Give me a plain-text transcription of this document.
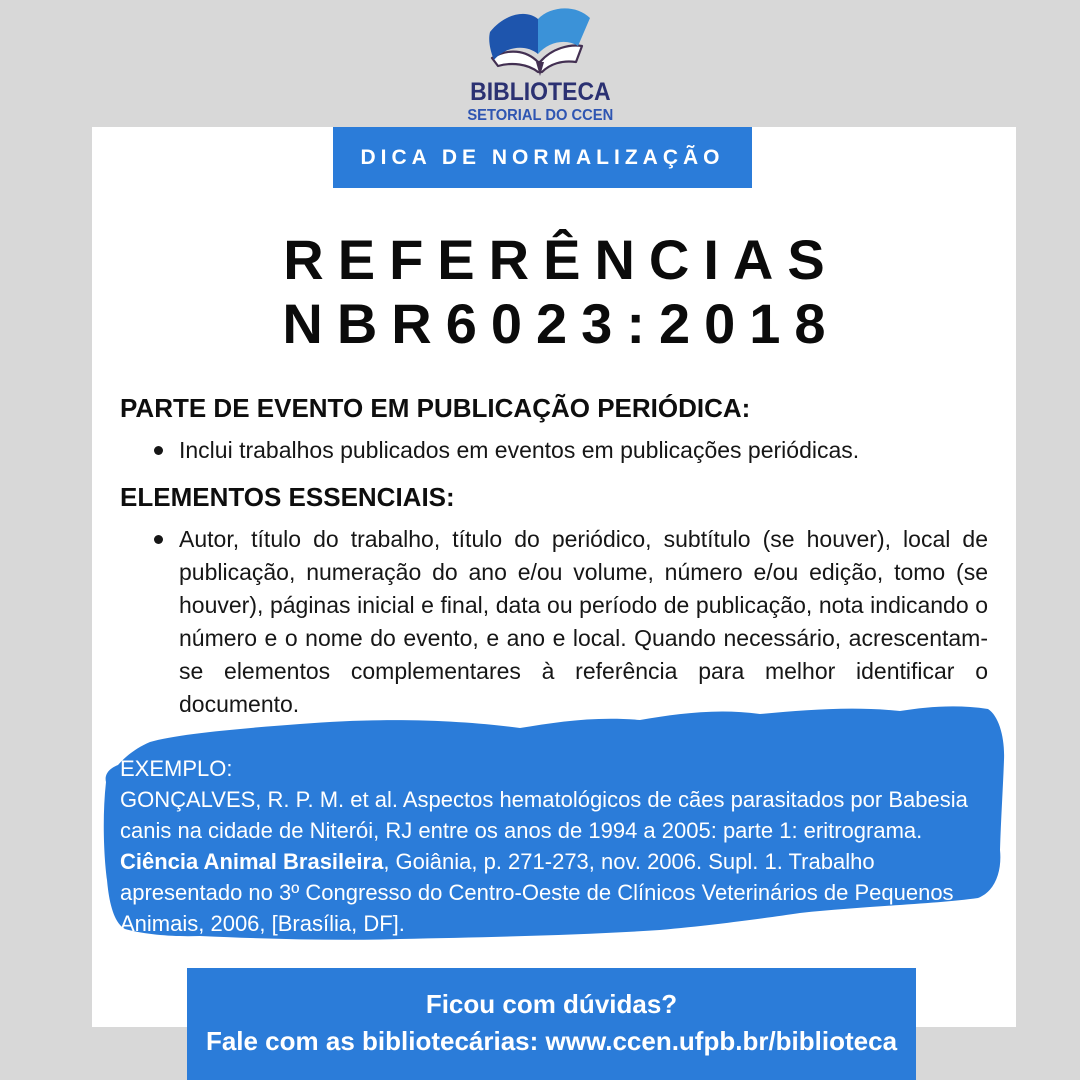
BIBLIOTECA
SETORIAL DO CCEN
DICA DE NORMALIZAÇÃO
REFERÊNCIAS
NBR6023:2018
PARTE DE EVENTO EM PUBLICAÇÃO PERIÓDICA:
Inclui trabalhos publicados em eventos em publicações periódicas.
ELEMENTOS ESSENCIAIS:
Autor, título do trabalho, título do periódico, subtítulo (se houver), local de publicação, numeração do ano e/ou volume, número e/ou edição, tomo (se houver), páginas inicial e final, data ou período de publicação, nota indicando o número e o nome do evento, e ano e local. Quando necessário, acrescentam-se elementos complementares à referência para melhor identificar o documento.
EXEMPLO:
GONÇALVES, R. P. M. et al. Aspectos hematológicos de cães parasitados por Babesia canis na cidade de Niterói, RJ entre os anos de 1994 a 2005: parte 1: eritrograma. Ciência Animal Brasileira, Goiânia, p. 271-273, nov. 2006. Supl. 1. Trabalho apresentado no 3º Congresso do Centro-Oeste de Clínicos Veterinários de Pequenos Animais, 2006, [Brasília, DF].
Ficou com dúvidas?
Fale com as bibliotecárias: www.ccen.ufpb.br/biblioteca
